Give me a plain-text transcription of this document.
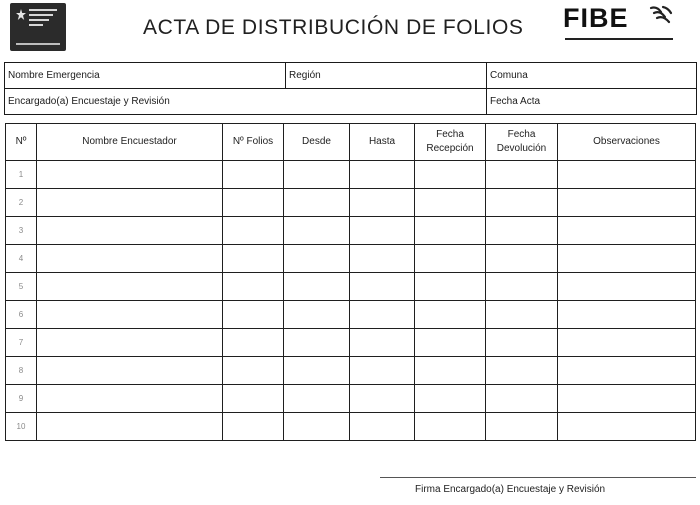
ACTA DE DISTRIBUCIÓN DE FOLIOS FIBE
Nombre Emergencia	Región	Comuna
Encargado(a) Encuestaje y Revisión	Fecha Acta
Nº	Nombre Encuestador	Nº Folios	Desde	Hasta	Fecha Recepción	Fecha Devolución	Observaciones
1							
2							
3							
4							
5							
6							
7							
8							
9							
10							
Firma Encargado(a) Encuestaje y Revisión
